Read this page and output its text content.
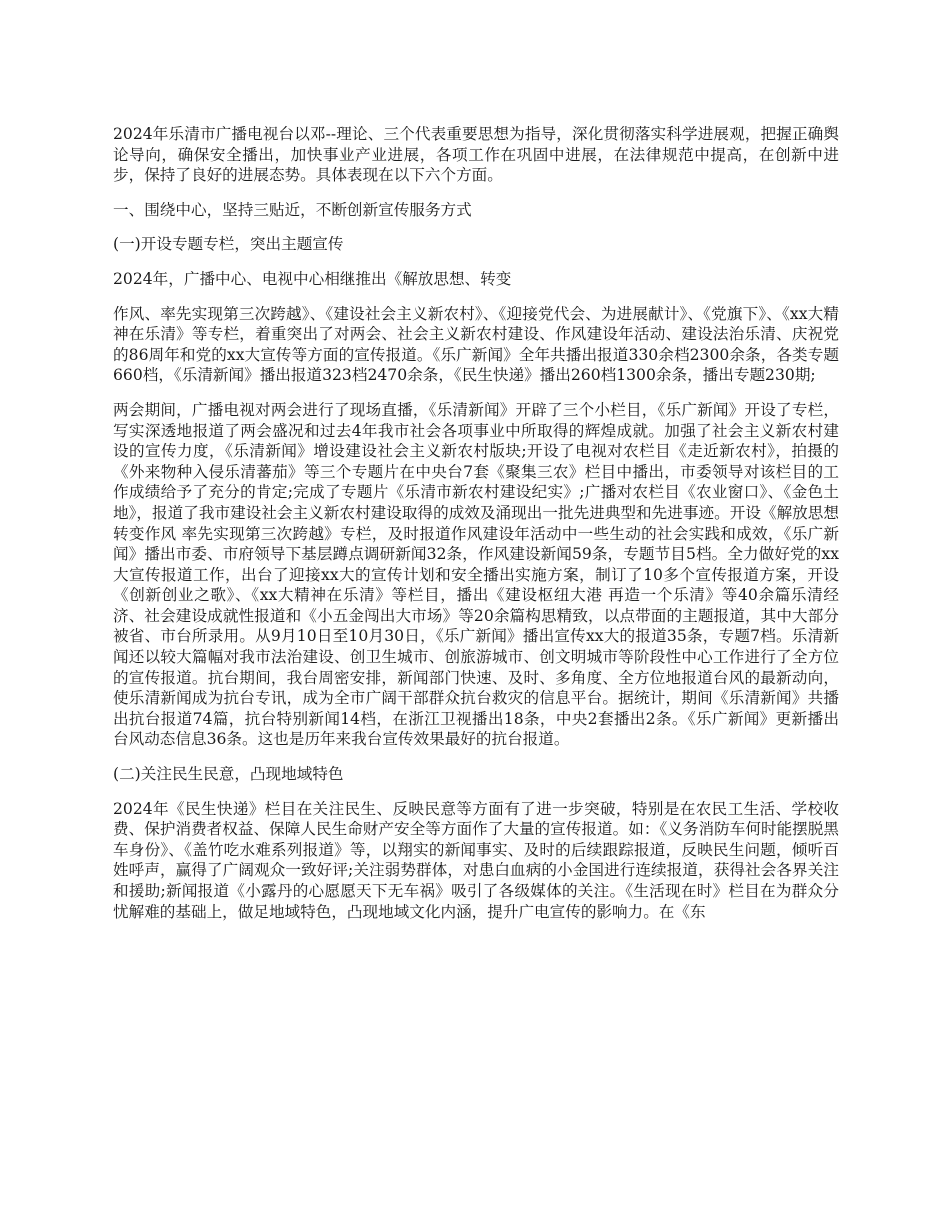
2024年乐清市广播电视台以邓--理论、三个代表重要思想为指导，深化贯彻落实科学进展观，把握正确舆论导向，确保安全播出，加快事业产业进展，各项工作在巩固中进展，在法律规范中提高，在创新中进步，保持了良好的进展态势。具体表现在以下六个方面。

一、围绕中心，坚持三贴近，不断创新宣传服务方式

(一)开设专题专栏，突出主题宣传

2024年，广播中心、电视中心相继推出《解放思想、转变

作风、率先实现第三次跨越》、《建设社会主义新农村》、《迎接党代会、为进展献计》、《党旗下》、《xx大精神在乐清》等专栏，着重突出了对两会、社会主义新农村建设、作风建设年活动、建设法治乐清、庆祝党的86周年和党的xx大宣传等方面的宣传报道。《乐广新闻》全年共播出报道330余档2300余条，各类专题660档，《乐清新闻》播出报道323档2470余条，《民生快递》播出260档1300余条，播出专题230期;

两会期间，广播电视对两会进行了现场直播，《乐清新闻》开辟了三个小栏目，《乐广新闻》开设了专栏，写实深透地报道了两会盛况和过去4年我市社会各项事业中所取得的辉煌成就。加强了社会主义新农村建设的宣传力度，《乐清新闻》增设建设社会主义新农村版块;开设了电视对农栏目《走近新农村》，拍摄的《外来物种入侵乐清蕃茄》等三个专题片在中央台7套《聚集三农》栏目中播出，市委领导对该栏目的工作成绩给予了充分的肯定;完成了专题片《乐清市新农村建设纪实》;广播对农栏目《农业窗口》、《金色土地》，报道了我市建设社会主义新农村建设取得的成效及涌现出一批先进典型和先进事迹。开设《解放思想 转变作风 率先实现第三次跨越》专栏，及时报道作风建设年活动中一些生动的社会实践和成效，《乐广新闻》播出市委、市府领导下基层蹲点调研新闻32条，作风建设新闻59条，专题节目5档。全力做好党的xx大宣传报道工作，出台了迎接xx大的宣传计划和安全播出实施方案，制订了10多个宣传报道方案，开设《创新创业之歌》、《xx大精神在乐清》等栏目，播出《建设枢纽大港 再造一个乐清》等40余篇乐清经济、社会建设成就性报道和《小五金闯出大市场》等20余篇构思精致，以点带面的主题报道，其中大部分被省、市台所录用。从9月10日至10月30日，《乐广新闻》播出宣传xx大的报道35条，专题7档。乐清新闻还以较大篇幅对我市法治建设、创卫生城市、创旅游城市、创文明城市等阶段性中心工作进行了全方位的宣传报道。抗台期间，我台周密安排，新闻部门快速、及时、多角度、全方位地报道台风的最新动向，使乐清新闻成为抗台专讯，成为全市广阔干部群众抗台救灾的信息平台。据统计，期间《乐清新闻》共播出抗台报道74篇，抗台特别新闻14档，在浙江卫视播出18条，中央2套播出2条。《乐广新闻》更新播出台风动态信息36条。这也是历年来我台宣传效果最好的抗台报道。

(二)关注民生民意，凸现地域特色

2024年《民生快递》栏目在关注民生、反映民意等方面有了进一步突破，特别是在农民工生活、学校收费、保护消费者权益、保障人民生命财产安全等方面作了大量的宣传报道。如：《义务消防车何时能摆脱黑车身份》、《盖竹吃水难系列报道》等，以翔实的新闻事实、及时的后续跟踪报道，反映民生问题，倾听百姓呼声，赢得了广阔观众一致好评;关注弱势群体，对患白血病的小金国进行连续报道，获得社会各界关注和援助;新闻报道《小露丹的心愿愿天下无车祸》吸引了各级媒体的关注。《生活现在时》栏目在为群众分忧解难的基础上，做足地域特色，凸现地域文化内涵，提升广电宣传的影响力。在《东
